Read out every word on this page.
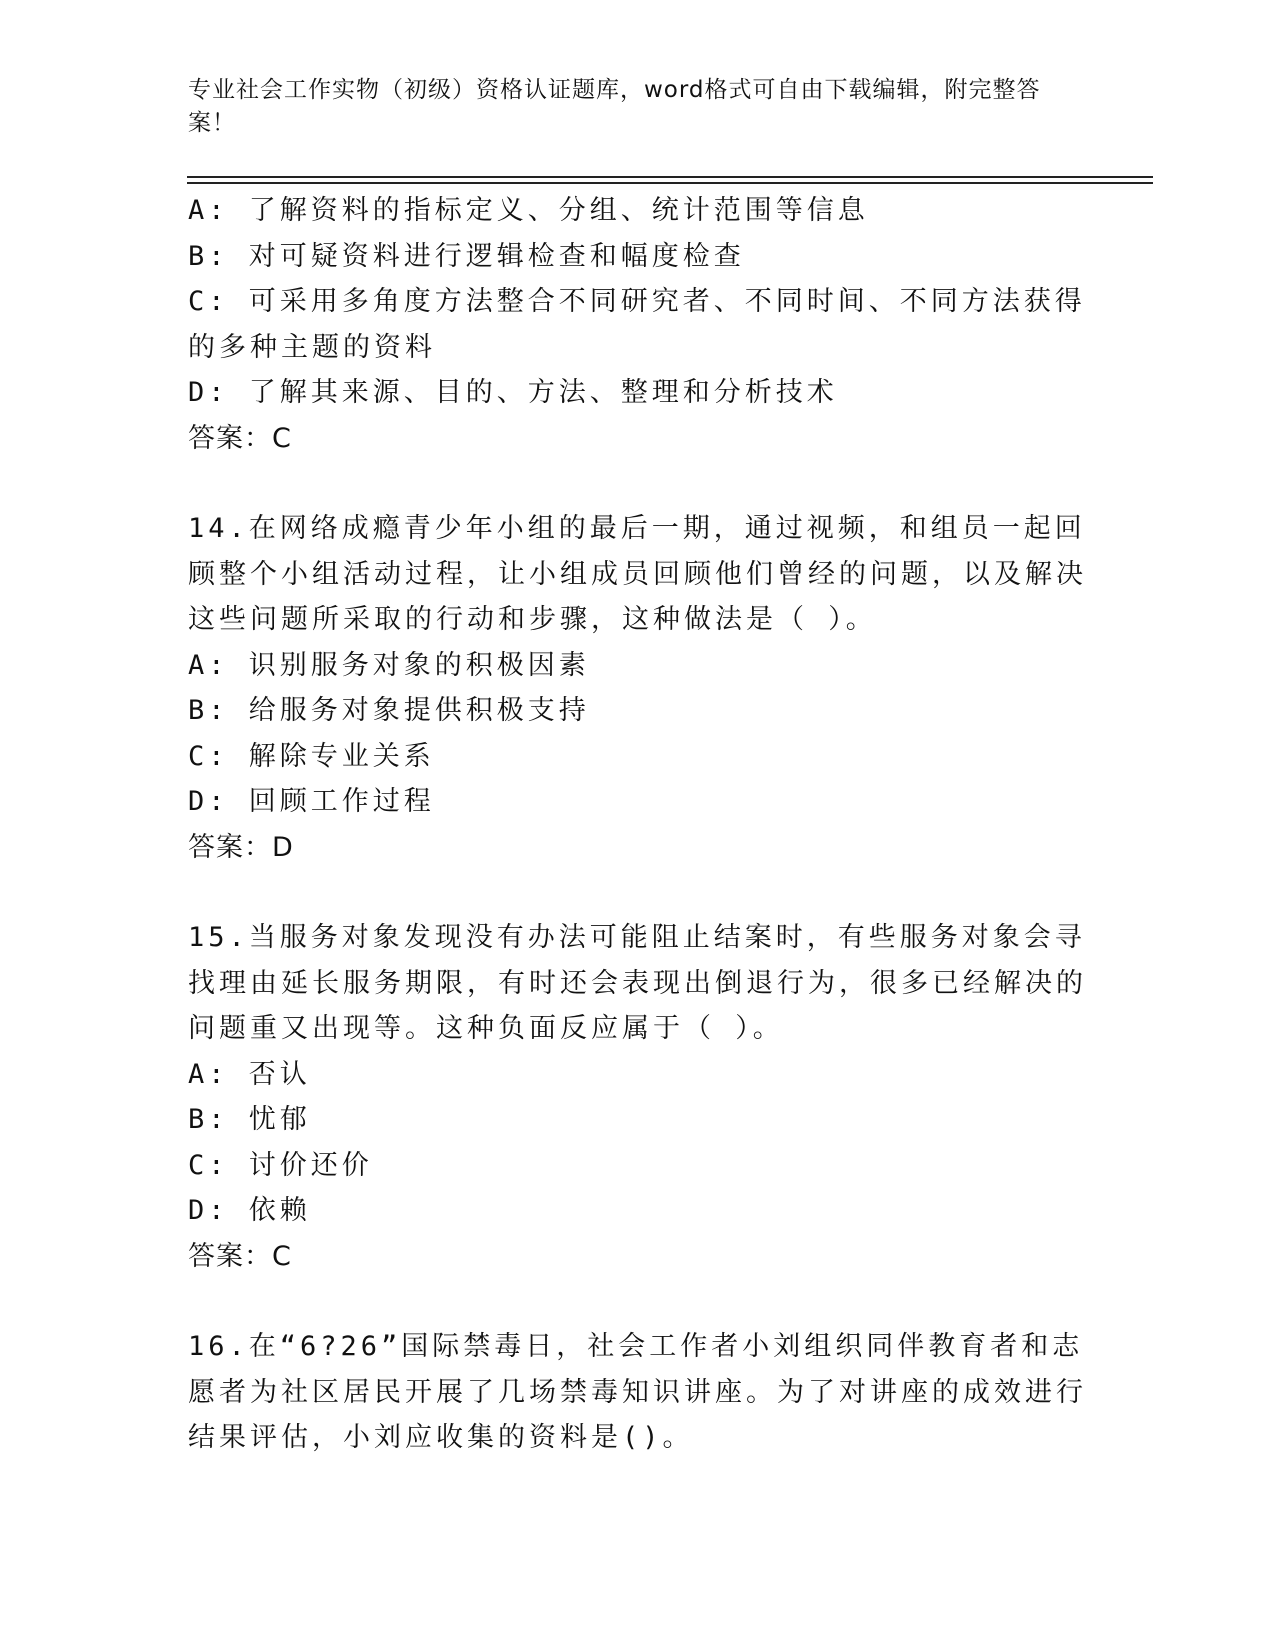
专业社会工作实物（初级）资格认证题库，word格式可自由下载编辑，附完整答案！
A: 了解资料的指标定义、分组、统计范围等信息
B: 对可疑资料进行逻辑检查和幅度检查
C: 可采用多角度方法整合不同研究者、不同时间、不同方法获得的多种主题的资料
D: 了解其来源、目的、方法、整理和分析技术
答案：C
14.在网络成瘾青少年小组的最后一期，通过视频，和组员一起回顾整个小组活动过程，让小组成员回顾他们曾经的问题，以及解决这些问题所采取的行动和步骤，这种做法是（ ）。
A: 识别服务对象的积极因素
B: 给服务对象提供积极支持
C: 解除专业关系
D: 回顾工作过程
答案：D
15.当服务对象发现没有办法可能阻止结案时，有些服务对象会寻找理由延长服务期限，有时还会表现出倒退行为，很多已经解决的问题重又出现等。这种负面反应属于（ ）。
A: 否认
B: 忧郁
C: 讨价还价
D: 依赖
答案：C
16.在“6?26”国际禁毒日，社会工作者小刘组织同伴教育者和志愿者为社区居民开展了几场禁毒知识讲座。为了对讲座的成效进行结果评估，小刘应收集的资料是()。
